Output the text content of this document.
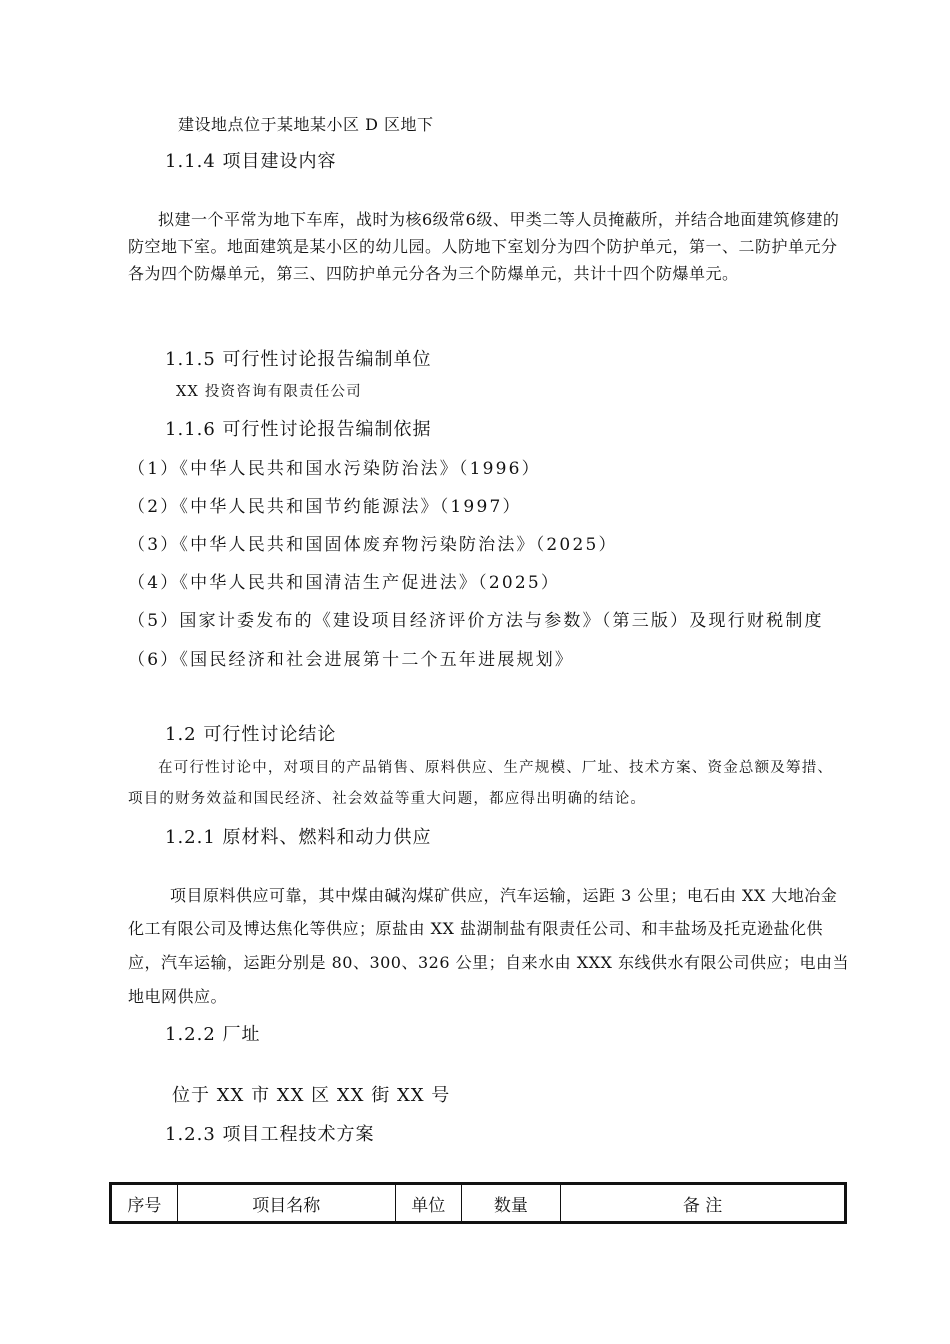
建设地点位于某地某小区 D 区地下
1.1.4 项目建设内容
拟建一个平常为地下车库，战时为核6级常6级、甲类二等人员掩蔽所，并结合地面建筑修建的
防空地下室。地面建筑是某小区的幼儿园。人防地下室划分为四个防护单元，第一、二防护单元分
各为四个防爆单元，第三、四防护单元分各为三个防爆单元，共计十四个防爆单元。
1.1.5 可行性讨论报告编制单位
XX 投资咨询有限责任公司
1.1.6 可行性讨论报告编制依据
（1）《中华人民共和国水污染防治法》（1996）
（2）《中华人民共和国节约能源法》（1997）
（3）《中华人民共和国固体废弃物污染防治法》（2025）
（4）《中华人民共和国清洁生产促进法》（2025）
（5）国家计委发布的《建设项目经济评价方法与参数》（第三版）及现行财税制度
（6）《国民经济和社会进展第十二个五年进展规划》
1.2 可行性讨论结论
在可行性讨论中，对项目的产品销售、原料供应、生产规模、厂址、技术方案、资金总额及筹措、
项目的财务效益和国民经济、社会效益等重大问题，都应得出明确的结论。
1.2.1 原材料、燃料和动力供应
项目原料供应可靠，其中煤由碱沟煤矿供应，汽车运输，运距 3 公里；电石由 XX 大地冶金
化工有限公司及博达焦化等供应；原盐由 XX 盐湖制盐有限责任公司、和丰盐场及托克逊盐化供
应，汽车运输，运距分别是 80、300、326 公里；自来水由 XXX 东线供水有限公司供应；电由当
地电网供应。
1.2.2 厂址
位于 XX 市 XX 区 XX 街 XX 号
1.2.3 项目工程技术方案
序号	项目名称	单位	数量	备 注
